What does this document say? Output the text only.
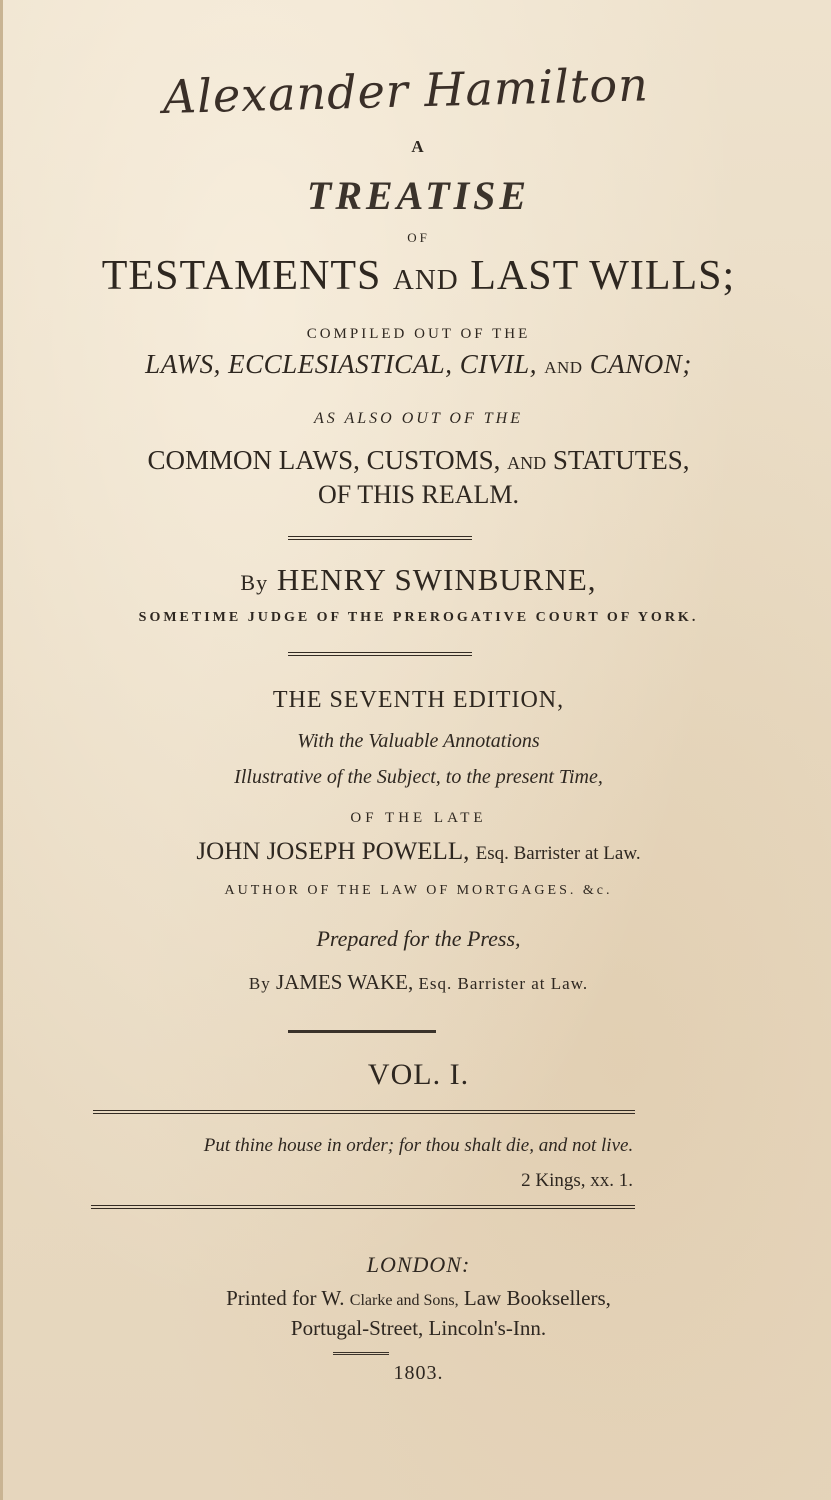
Alexander Hamilton
A
TREATISE
OF
TESTAMENTS AND LAST WILLS;
COMPILED OUT OF THE
LAWS, ECCLESIASTICAL, CIVIL, AND CANON;
AS ALSO OUT OF THE
COMMON LAWS, CUSTOMS, AND STATUTES,
OF THIS REALM.
By HENRY SWINBURNE,
SOMETIME JUDGE OF THE PREROGATIVE COURT OF YORK.
THE SEVENTH EDITION,
With the Valuable Annotations
Illustrative of the Subject, to the present Time,
OF THE LATE
JOHN JOSEPH POWELL, Esq. Barrister at Law.
AUTHOR OF THE LAW OF MORTGAGES. &c.
Prepared for the Press,
By JAMES WAKE, Esq. Barrister at Law.
VOL. I.
Put thine house in order; for thou shalt die, and not live.
2 Kings, xx. 1.
LONDON:
Printed for W. Clarke and Sons, Law Booksellers,
Portugal-Street, Lincoln's-Inn.
1803.
